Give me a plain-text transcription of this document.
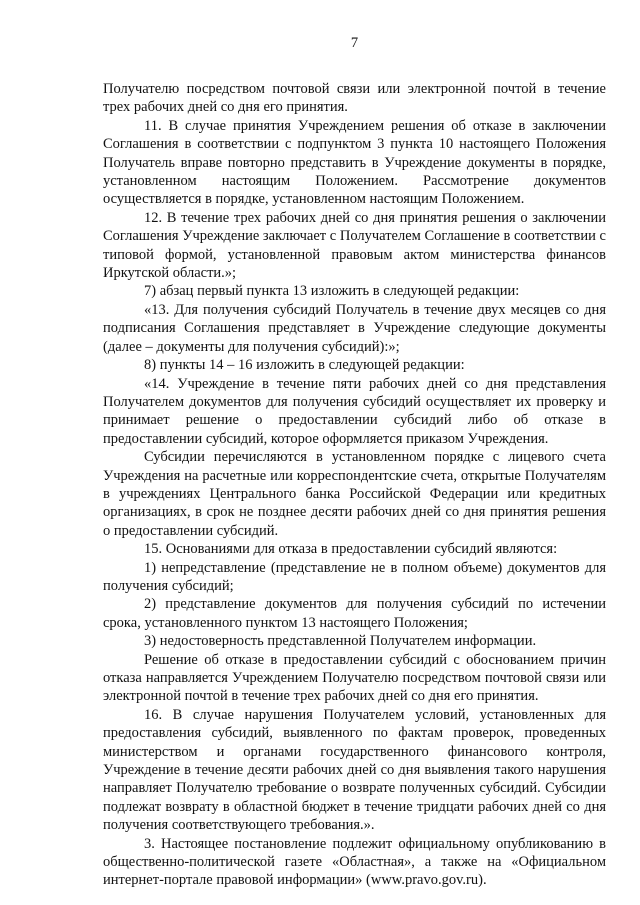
7

Получателю посредством почтовой связи или электронной почтой в течение трех рабочих дней со дня его принятия.

11. В случае принятия Учреждением решения об отказе в заключении Соглашения в соответствии с подпунктом 3 пункта 10 настоящего Положения Получатель вправе повторно представить в Учреждение документы в порядке, установленном настоящим Положением. Рассмотрение документов осуществляется в порядке, установленном настоящим Положением.

12. В течение трех рабочих дней со дня принятия решения о заключении Соглашения Учреждение заключает с Получателем Соглашение в соответствии с типовой формой, установленной правовым актом министерства финансов Иркутской области.»;

7) абзац первый пункта 13 изложить в следующей редакции:

«13. Для получения субсидий Получатель в течение двух месяцев со дня подписания Соглашения представляет в Учреждение следующие документы (далее – документы для получения субсидий):»;

8) пункты 14 – 16 изложить в следующей редакции:

«14. Учреждение в течение пяти рабочих дней со дня представления Получателем документов для получения субсидий осуществляет их проверку и принимает решение о предоставлении субсидий либо об отказе в предоставлении субсидий, которое оформляется приказом Учреждения.

Субсидии перечисляются в установленном порядке с лицевого счета Учреждения на расчетные или корреспондентские счета, открытые Получателям в учреждениях Центрального банка Российской Федерации или кредитных организациях, в срок не позднее десяти рабочих дней со дня принятия решения о предоставлении субсидий.

15. Основаниями для отказа в предоставлении субсидий являются:

1) непредставление (представление не в полном объеме) документов для получения субсидий;

2) представление документов для получения субсидий по истечении срока, установленного пунктом 13 настоящего Положения;

3) недостоверность представленной Получателем информации.

Решение об отказе в предоставлении субсидий с обоснованием причин отказа направляется Учреждением Получателю посредством почтовой связи или электронной почтой в течение трех рабочих дней со дня его принятия.

16. В случае нарушения Получателем условий, установленных для предоставления субсидий, выявленного по фактам проверок, проведенных министерством и органами государственного финансового контроля, Учреждение в течение десяти рабочих дней со дня выявления такого нарушения направляет Получателю требование о возврате полученных субсидий. Субсидии подлежат возврату в областной бюджет в течение тридцати рабочих дней со дня получения соответствующего требования.».

3. Настоящее постановление подлежит официальному опубликованию в общественно-политической газете «Областная», а также на «Официальном интернет-портале правовой информации» (www.pravo.gov.ru).
